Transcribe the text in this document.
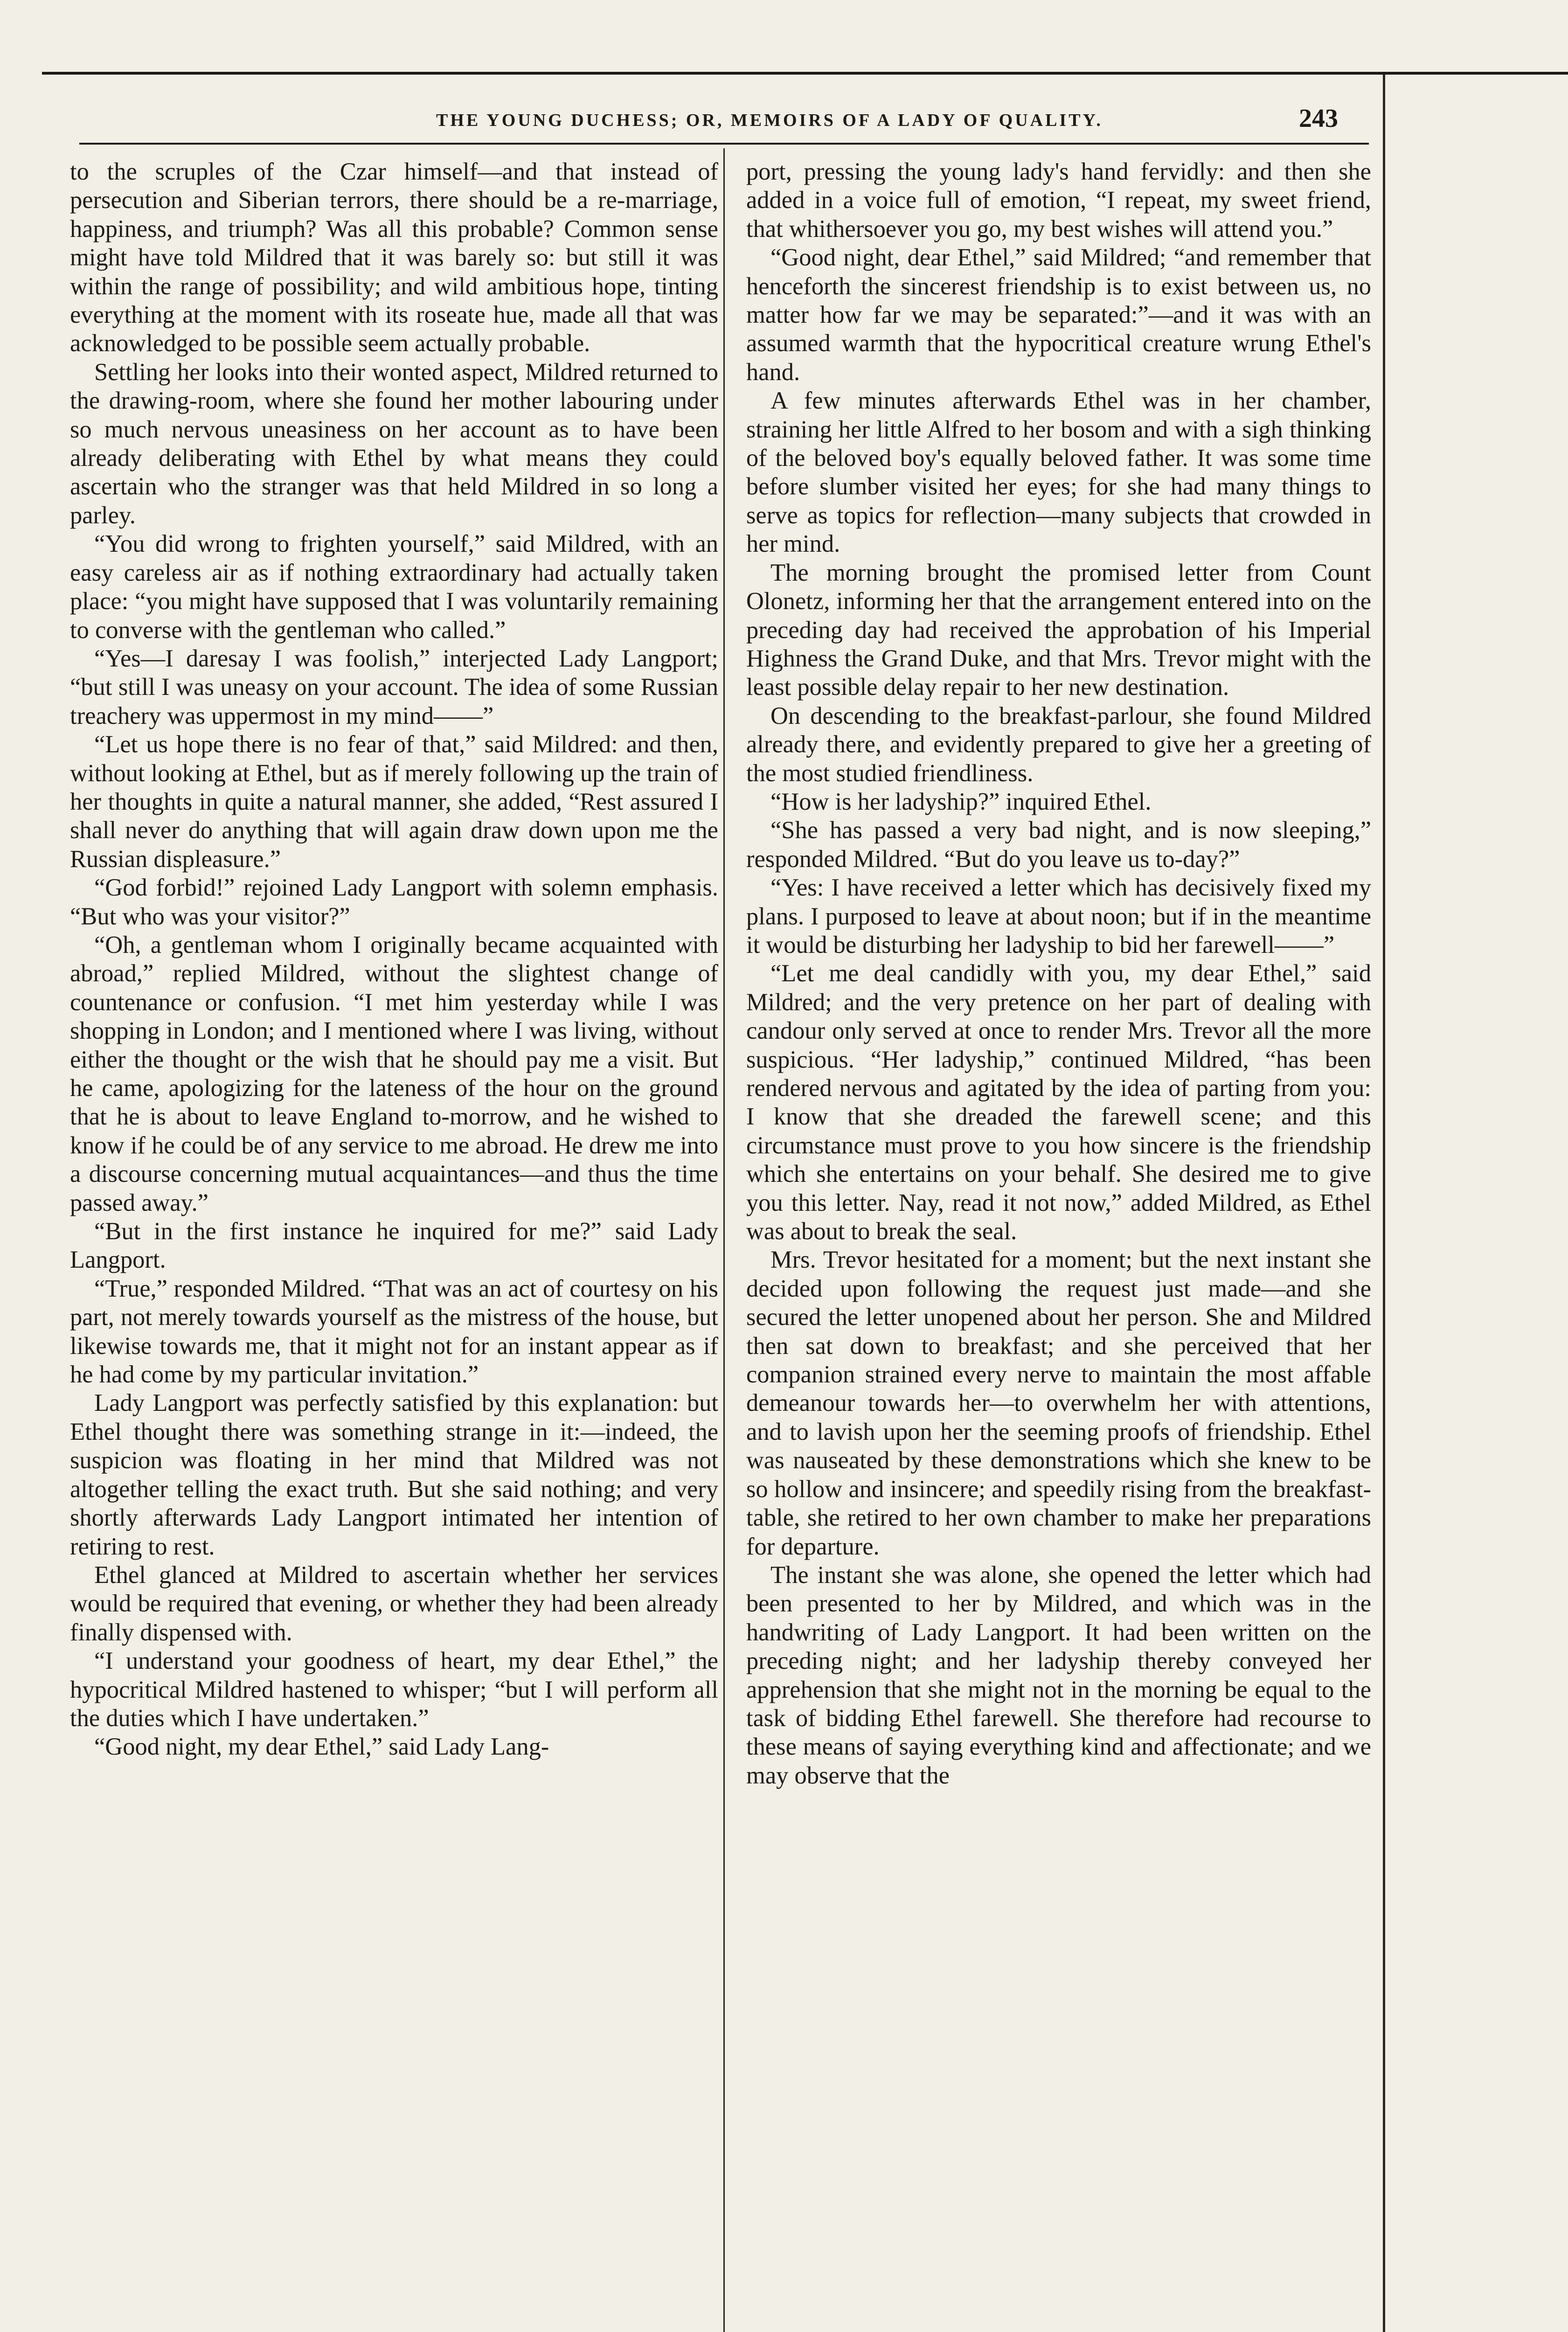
THE YOUNG DUCHESS; OR, MEMOIRS OF A LADY OF QUALITY.	243

to the scruples of the Czar himself—and that instead of persecution and Siberian terrors, there should be a re-marriage, happiness, and triumph? Was all this probable? Common sense might have told Mildred that it was barely so: but still it was within the range of possibility; and wild ambitious hope, tinting everything at the moment with its roseate hue, made all that was acknowledged to be possible seem actually probable.

Settling her looks into their wonted aspect, Mildred returned to the drawing-room, where she found her mother labouring under so much nervous uneasiness on her account as to have been already deliberating with Ethel by what means they could ascertain who the stranger was that held Mildred in so long a parley.

“You did wrong to frighten yourself,” said Mildred, with an easy careless air as if nothing extraordinary had actually taken place: “you might have supposed that I was voluntarily remaining to converse with the gentleman who called.”

“Yes—I daresay I was foolish,” interjected Lady Langport; “but still I was uneasy on your account. The idea of some Russian treachery was uppermost in my mind——”

“Let us hope there is no fear of that,” said Mildred: and then, without looking at Ethel, but as if merely following up the train of her thoughts in quite a natural manner, she added, “Rest assured I shall never do anything that will again draw down upon me the Russian displeasure.”

“God forbid!” rejoined Lady Langport with solemn emphasis. “But who was your visitor?”

“Oh, a gentleman whom I originally became acquainted with abroad,” replied Mildred, without the slightest change of countenance or confusion. “I met him yesterday while I was shopping in London; and I mentioned where I was living, without either the thought or the wish that he should pay me a visit. But he came, apologizing for the lateness of the hour on the ground that he is about to leave England to-morrow, and he wished to know if he could be of any service to me abroad. He drew me into a discourse concerning mutual acquaintances—and thus the time passed away.”

“But in the first instance he inquired for me?” said Lady Langport.

“True,” responded Mildred. “That was an act of courtesy on his part, not merely towards yourself as the mistress of the house, but likewise towards me, that it might not for an instant appear as if he had come by my particular invitation.”

Lady Langport was perfectly satisfied by this explanation: but Ethel thought there was something strange in it:—indeed, the suspicion was floating in her mind that Mildred was not altogether telling the exact truth. But she said nothing; and very shortly afterwards Lady Langport intimated her intention of retiring to rest.

Ethel glanced at Mildred to ascertain whether her services would be required that evening, or whether they had been already finally dispensed with.

“I understand your goodness of heart, my dear Ethel,” the hypocritical Mildred hastened to whisper; “but I will perform all the duties which I have undertaken.”

“Good night, my dear Ethel,” said Lady Lang-

port, pressing the young lady's hand fervidly: and then she added in a voice full of emotion, “I repeat, my sweet friend, that whithersoever you go, my best wishes will attend you.”

“Good night, dear Ethel,” said Mildred; “and remember that henceforth the sincerest friendship is to exist between us, no matter how far we may be separated:”—and it was with an assumed warmth that the hypocritical creature wrung Ethel's hand.

A few minutes afterwards Ethel was in her chamber, straining her little Alfred to her bosom and with a sigh thinking of the beloved boy's equally beloved father. It was some time before slumber visited her eyes; for she had many things to serve as topics for reflection—many subjects that crowded in her mind.

The morning brought the promised letter from Count Olonetz, informing her that the arrangement entered into on the preceding day had received the approbation of his Imperial Highness the Grand Duke, and that Mrs. Trevor might with the least possible delay repair to her new destination.

On descending to the breakfast-parlour, she found Mildred already there, and evidently prepared to give her a greeting of the most studied friendliness.

“How is her ladyship?” inquired Ethel.

“She has passed a very bad night, and is now sleeping,” responded Mildred. “But do you leave us to-day?”

“Yes: I have received a letter which has decisively fixed my plans. I purposed to leave at about noon; but if in the meantime it would be disturbing her ladyship to bid her farewell——”

“Let me deal candidly with you, my dear Ethel,” said Mildred; and the very pretence on her part of dealing with candour only served at once to render Mrs. Trevor all the more suspicious. “Her ladyship,” continued Mildred, “has been rendered nervous and agitated by the idea of parting from you: I know that she dreaded the farewell scene; and this circumstance must prove to you how sincere is the friendship which she entertains on your behalf. She desired me to give you this letter. Nay, read it not now,” added Mildred, as Ethel was about to break the seal.

Mrs. Trevor hesitated for a moment; but the next instant she decided upon following the request just made—and she secured the letter unopened about her person. She and Mildred then sat down to breakfast; and she perceived that her companion strained every nerve to maintain the most affable demeanour towards her—to overwhelm her with attentions, and to lavish upon her the seeming proofs of friendship. Ethel was nauseated by these demonstrations which she knew to be so hollow and insincere; and speedily rising from the breakfast-table, she retired to her own chamber to make her preparations for departure.

The instant she was alone, she opened the letter which had been presented to her by Mildred, and which was in the handwriting of Lady Langport. It had been written on the preceding night; and her ladyship thereby conveyed her apprehension that she might not in the morning be equal to the task of bidding Ethel farewell. She therefore had recourse to these means of saying everything kind and affectionate; and we may observe that the
